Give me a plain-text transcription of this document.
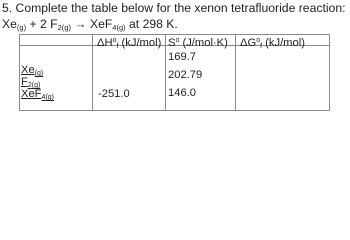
5. Complete the table below for the xenon tetrafluoride reaction:
$Xe_{(g)} + 2$ $F_{2(g)} \to XeF_{4(g)}$ at 298 K.
$\Delta H^o_f$ (kJ/mol) $S^o$ (J/mol·K) $\Delta G^o_f$ (kJ/mol)
$Xe_{(g)}$
169.7
$F_{2(g)}$
202.79
XeF$_{4(g)}$	-251.0	146.0
